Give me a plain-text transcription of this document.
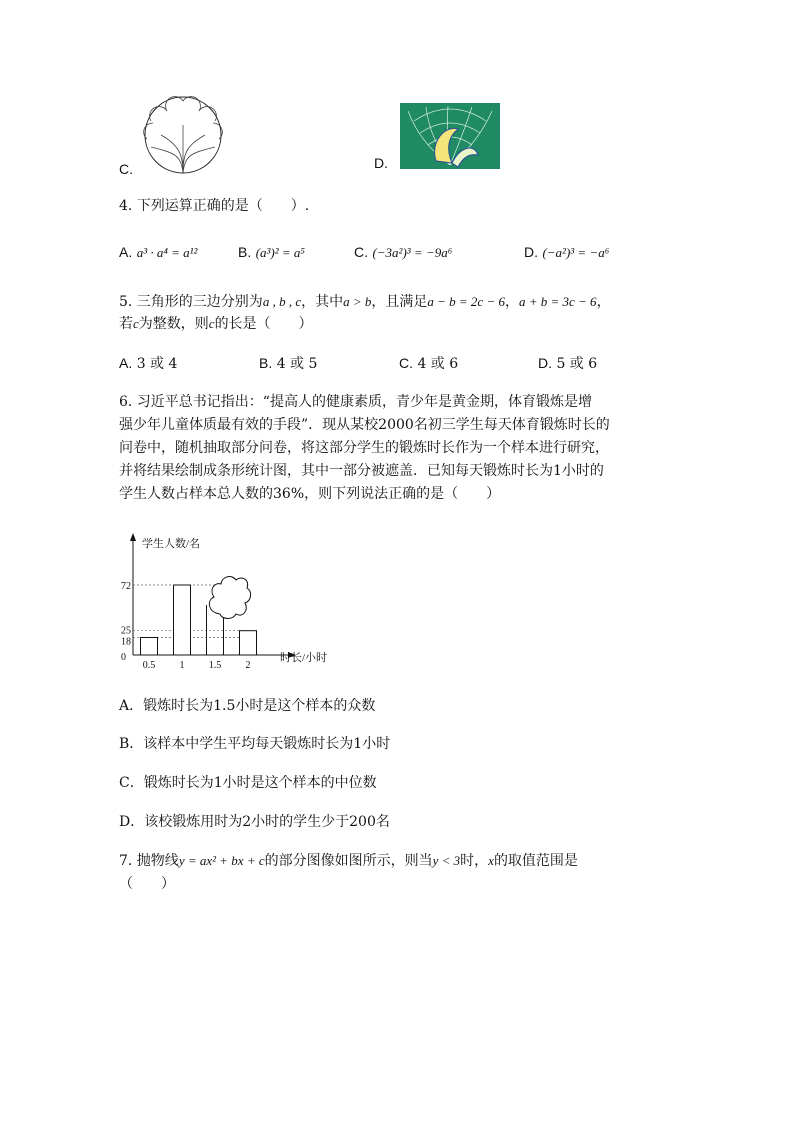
C.	D.
4. 下列运算正确的是（　　）.
A. a³ · a⁴ = a¹²	B. (a³)² = a⁵	C. (−3a²)³ = −9a⁶	D. (−a²)³ = −a⁶
5. 三角形的三边分别为a , b , c，其中a > b，且满足a − b = 2c − 6，a + b = 3c − 6，
若c为整数，则c的长是（　　）
A. 3 或 4	B. 4 或 5	C. 4 或 6	D. 5 或 6
6. 习近平总书记指出：“提高人的健康素质，青少年是黄金期，体育锻炼是增
强少年儿童体质最有效的手段”．现从某校2000名初三学生每天体育锻炼时长的
问卷中，随机抽取部分问卷，将这部分学生的锻炼时长作为一个样本进行研究，
并将结果绘制成条形统计图，其中一部分被遮盖．已知每天锻炼时长为1小时的
学生人数占样本总人数的36%，则下列说法正确的是（　　）
学生人数/名
时长/小时
0
18
25
72
0.5 1 1.5 2
A．锻炼时长为1.5小时是这个样本的众数
B．该样本中学生平均每天锻炼时长为1小时
C．锻炼时长为1小时是这个样本的中位数
D．该校锻炼用时为2小时的学生少于200名
7. 抛物线y = ax² + bx + c的部分图像如图所示，则当y < 3时，x的取值范围是
（　　）
